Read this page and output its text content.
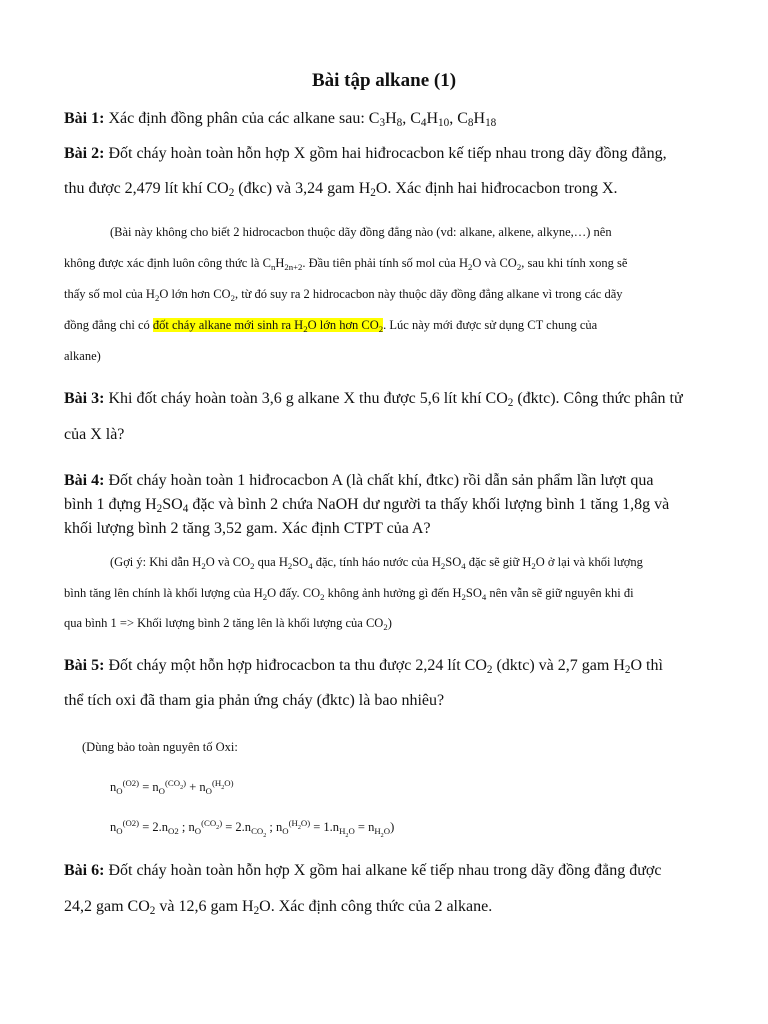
Bài tập alkane (1)
Bài 1: Xác định đồng phân của các alkane sau: $C_3H_8$, $C_4H_{10}$, $C_8H_{18}$
Bài 2: Đốt cháy hoàn toàn hỗn hợp X gồm hai hiđrocacbon kế tiếp nhau trong dãy đồng đẳng,
thu được 2,479 lít khí $CO_2$ (đkc) và 3,24 gam $H_2O$. Xác định hai hiđrocacbon trong X.
(Bài này không cho biết 2 hidrocacbon thuộc dãy đồng đẳng nào (vd: alkane, alkene, alkyne,…) nên
không được xác định luôn công thức là $C_nH_{2n+2}$. Đầu tiên phải tính số mol của $H_2O$ và $CO_2$, sau khi tính xong sẽ
thấy số mol của $H_2O$ lớn hơn $CO_2$, từ đó suy ra 2 hidrocacbon này thuộc dãy đồng đẳng alkane vì trong các dãy
đồng đẳng chỉ có đốt cháy alkane mới sinh ra $H_2O$ lớn hơn $CO_2$. Lúc này mới được sử dụng CT chung của
alkane)
Bài 3: Khi đốt cháy hoàn toàn 3,6 g alkane X thu được 5,6 lít khí $CO_2$ (đktc). Công thức phân tử
của X là?
Bài 4: Đốt cháy hoàn toàn 1 hiđrocacbon A (là chất khí, đtkc) rồi dẫn sản phẩm lần lượt qua
bình 1 đựng $H_2SO_4$ đặc và bình 2 chứa NaOH dư người ta thấy khối lượng bình 1 tăng 1,8g và
khối lượng bình 2 tăng 3,52 gam. Xác định CTPT của A?
(Gợi ý: Khi dẫn $H_2O$ và $CO_2$ qua $H_2SO_4$ đặc, tính háo nước của $H_2SO_4$ đặc sẽ giữ $H_2O$ ở lại và khối lượng
bình tăng lên chính là khối lượng của $H_2O$ đấy. $CO_2$ không ảnh hưởng gì đến $H_2SO_4$ nên vẫn sẽ giữ nguyên khi đi
qua bình 1 => Khối lượng bình 2 tăng lên là khối lượng của $CO_2$)
Bài 5: Đốt cháy một hỗn hợp hiđrocacbon ta thu được 2,24 lít $CO_2$ (dktc) và 2,7 gam $H_2O$ thì
thể tích oxi đã tham gia phản ứng cháy (đktc) là bao nhiêu?
(Dùng bảo toàn nguyên tố Oxi:
$n_O^{(O2)} = n_O^{(CO_2)} + n_O^{(H_2O)}$
$n_O^{(O2)} = 2.n_{O2}$ ; $n_O^{(CO_2)} = 2.n_{CO_2}$ ; $n_O^{(H_2O)} = 1.n_{H_2O} = n_{H_2O}$)
Bài 6: Đốt cháy hoàn toàn hỗn hợp X gồm hai alkane kế tiếp nhau trong dãy đồng đẳng được
24,2 gam $CO_2$ và 12,6 gam $H_2O$. Xác định công thức của 2 alkane.
